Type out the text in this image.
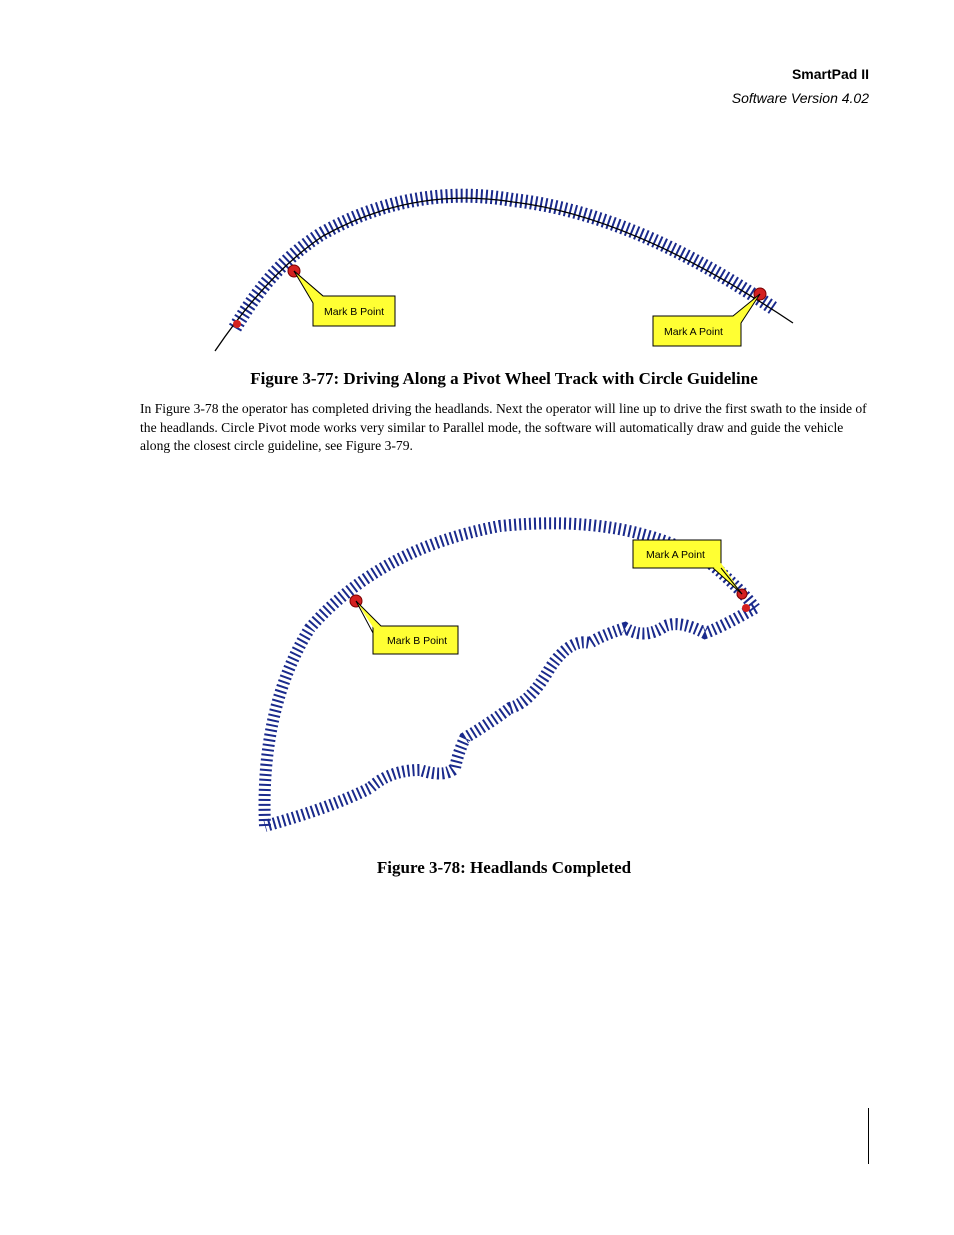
SmartPad II
Software Version 4.02
Mark B Point
Mark A Point
Figure 3-77: Driving Along a Pivot Wheel Track with Circle Guideline
In Figure 3-78 the operator has completed driving the headlands. Next the operator will line up to drive the first swath to the inside of the headlands. Circle Pivot mode works very similar to Parallel mode, the software will automatically draw and guide the vehicle along the closest circle guideline, see Figure 3-79.
Mark A Point
Mark B Point
Figure 3-78: Headlands Completed
